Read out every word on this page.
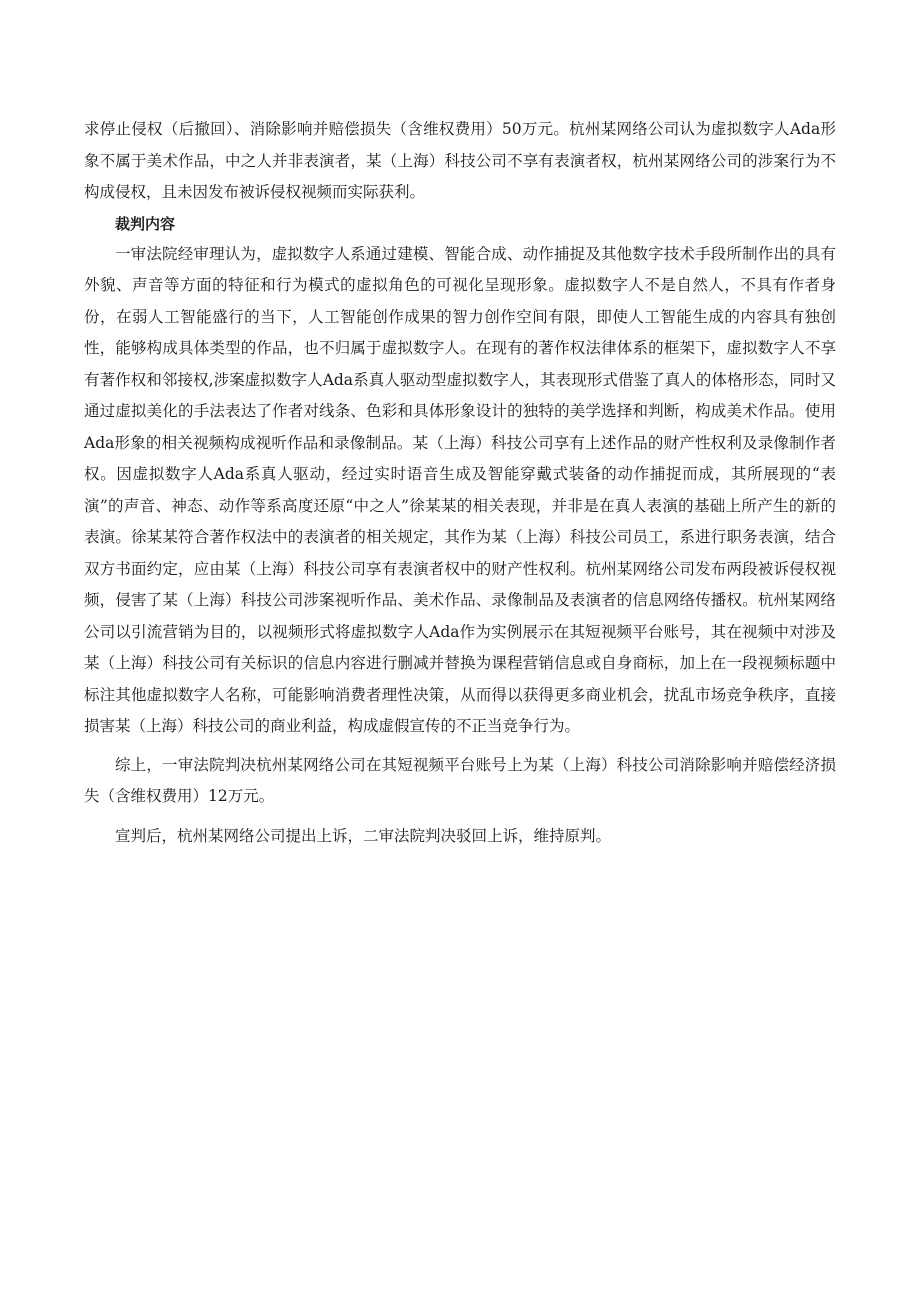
求停止侵权（后撤回）、消除影响并赔偿损失（含维权费用）50万元。杭州某网络公司认为虚拟数字人Ada形象不属于美术作品，中之人并非表演者，某（上海）科技公司不享有表演者权，杭州某网络公司的涉案行为不构成侵权，且未因发布被诉侵权视频而实际获利。

裁判内容

一审法院经审理认为，虚拟数字人系通过建模、智能合成、动作捕捉及其他数字技术手段所制作出的具有外貌、声音等方面的特征和行为模式的虚拟角色的可视化呈现形象。虚拟数字人不是自然人，不具有作者身份，在弱人工智能盛行的当下，人工智能创作成果的智力创作空间有限，即使人工智能生成的内容具有独创性，能够构成具体类型的作品，也不归属于虚拟数字人。在现有的著作权法律体系的框架下，虚拟数字人不享有著作权和邻接权,涉案虚拟数字人Ada系真人驱动型虚拟数字人，其表现形式借鉴了真人的体格形态，同时又通过虚拟美化的手法表达了作者对线条、色彩和具体形象设计的独特的美学选择和判断，构成美术作品。使用Ada形象的相关视频构成视听作品和录像制品。某（上海）科技公司享有上述作品的财产性权利及录像制作者权。因虚拟数字人Ada系真人驱动，经过实时语音生成及智能穿戴式装备的动作捕捉而成，其所展现的“表演”的声音、神态、动作等系高度还原“中之人”徐某某的相关表现，并非是在真人表演的基础上所产生的新的表演。徐某某符合著作权法中的表演者的相关规定，其作为某（上海）科技公司员工，系进行职务表演，结合双方书面约定，应由某（上海）科技公司享有表演者权中的财产性权利。杭州某网络公司发布两段被诉侵权视频，侵害了某（上海）科技公司涉案视听作品、美术作品、录像制品及表演者的信息网络传播权。杭州某网络公司以引流营销为目的，以视频形式将虚拟数字人Ada作为实例展示在其短视频平台账号，其在视频中对涉及某（上海）科技公司有关标识的信息内容进行删减并替换为课程营销信息或自身商标，加上在一段视频标题中标注其他虚拟数字人名称，可能影响消费者理性决策，从而得以获得更多商业机会，扰乱市场竞争秩序，直接损害某（上海）科技公司的商业利益，构成虚假宣传的不正当竞争行为。

综上，一审法院判决杭州某网络公司在其短视频平台账号上为某（上海）科技公司消除影响并赔偿经济损失（含维权费用）12万元。

宣判后，杭州某网络公司提出上诉，二审法院判决驳回上诉，维持原判。
